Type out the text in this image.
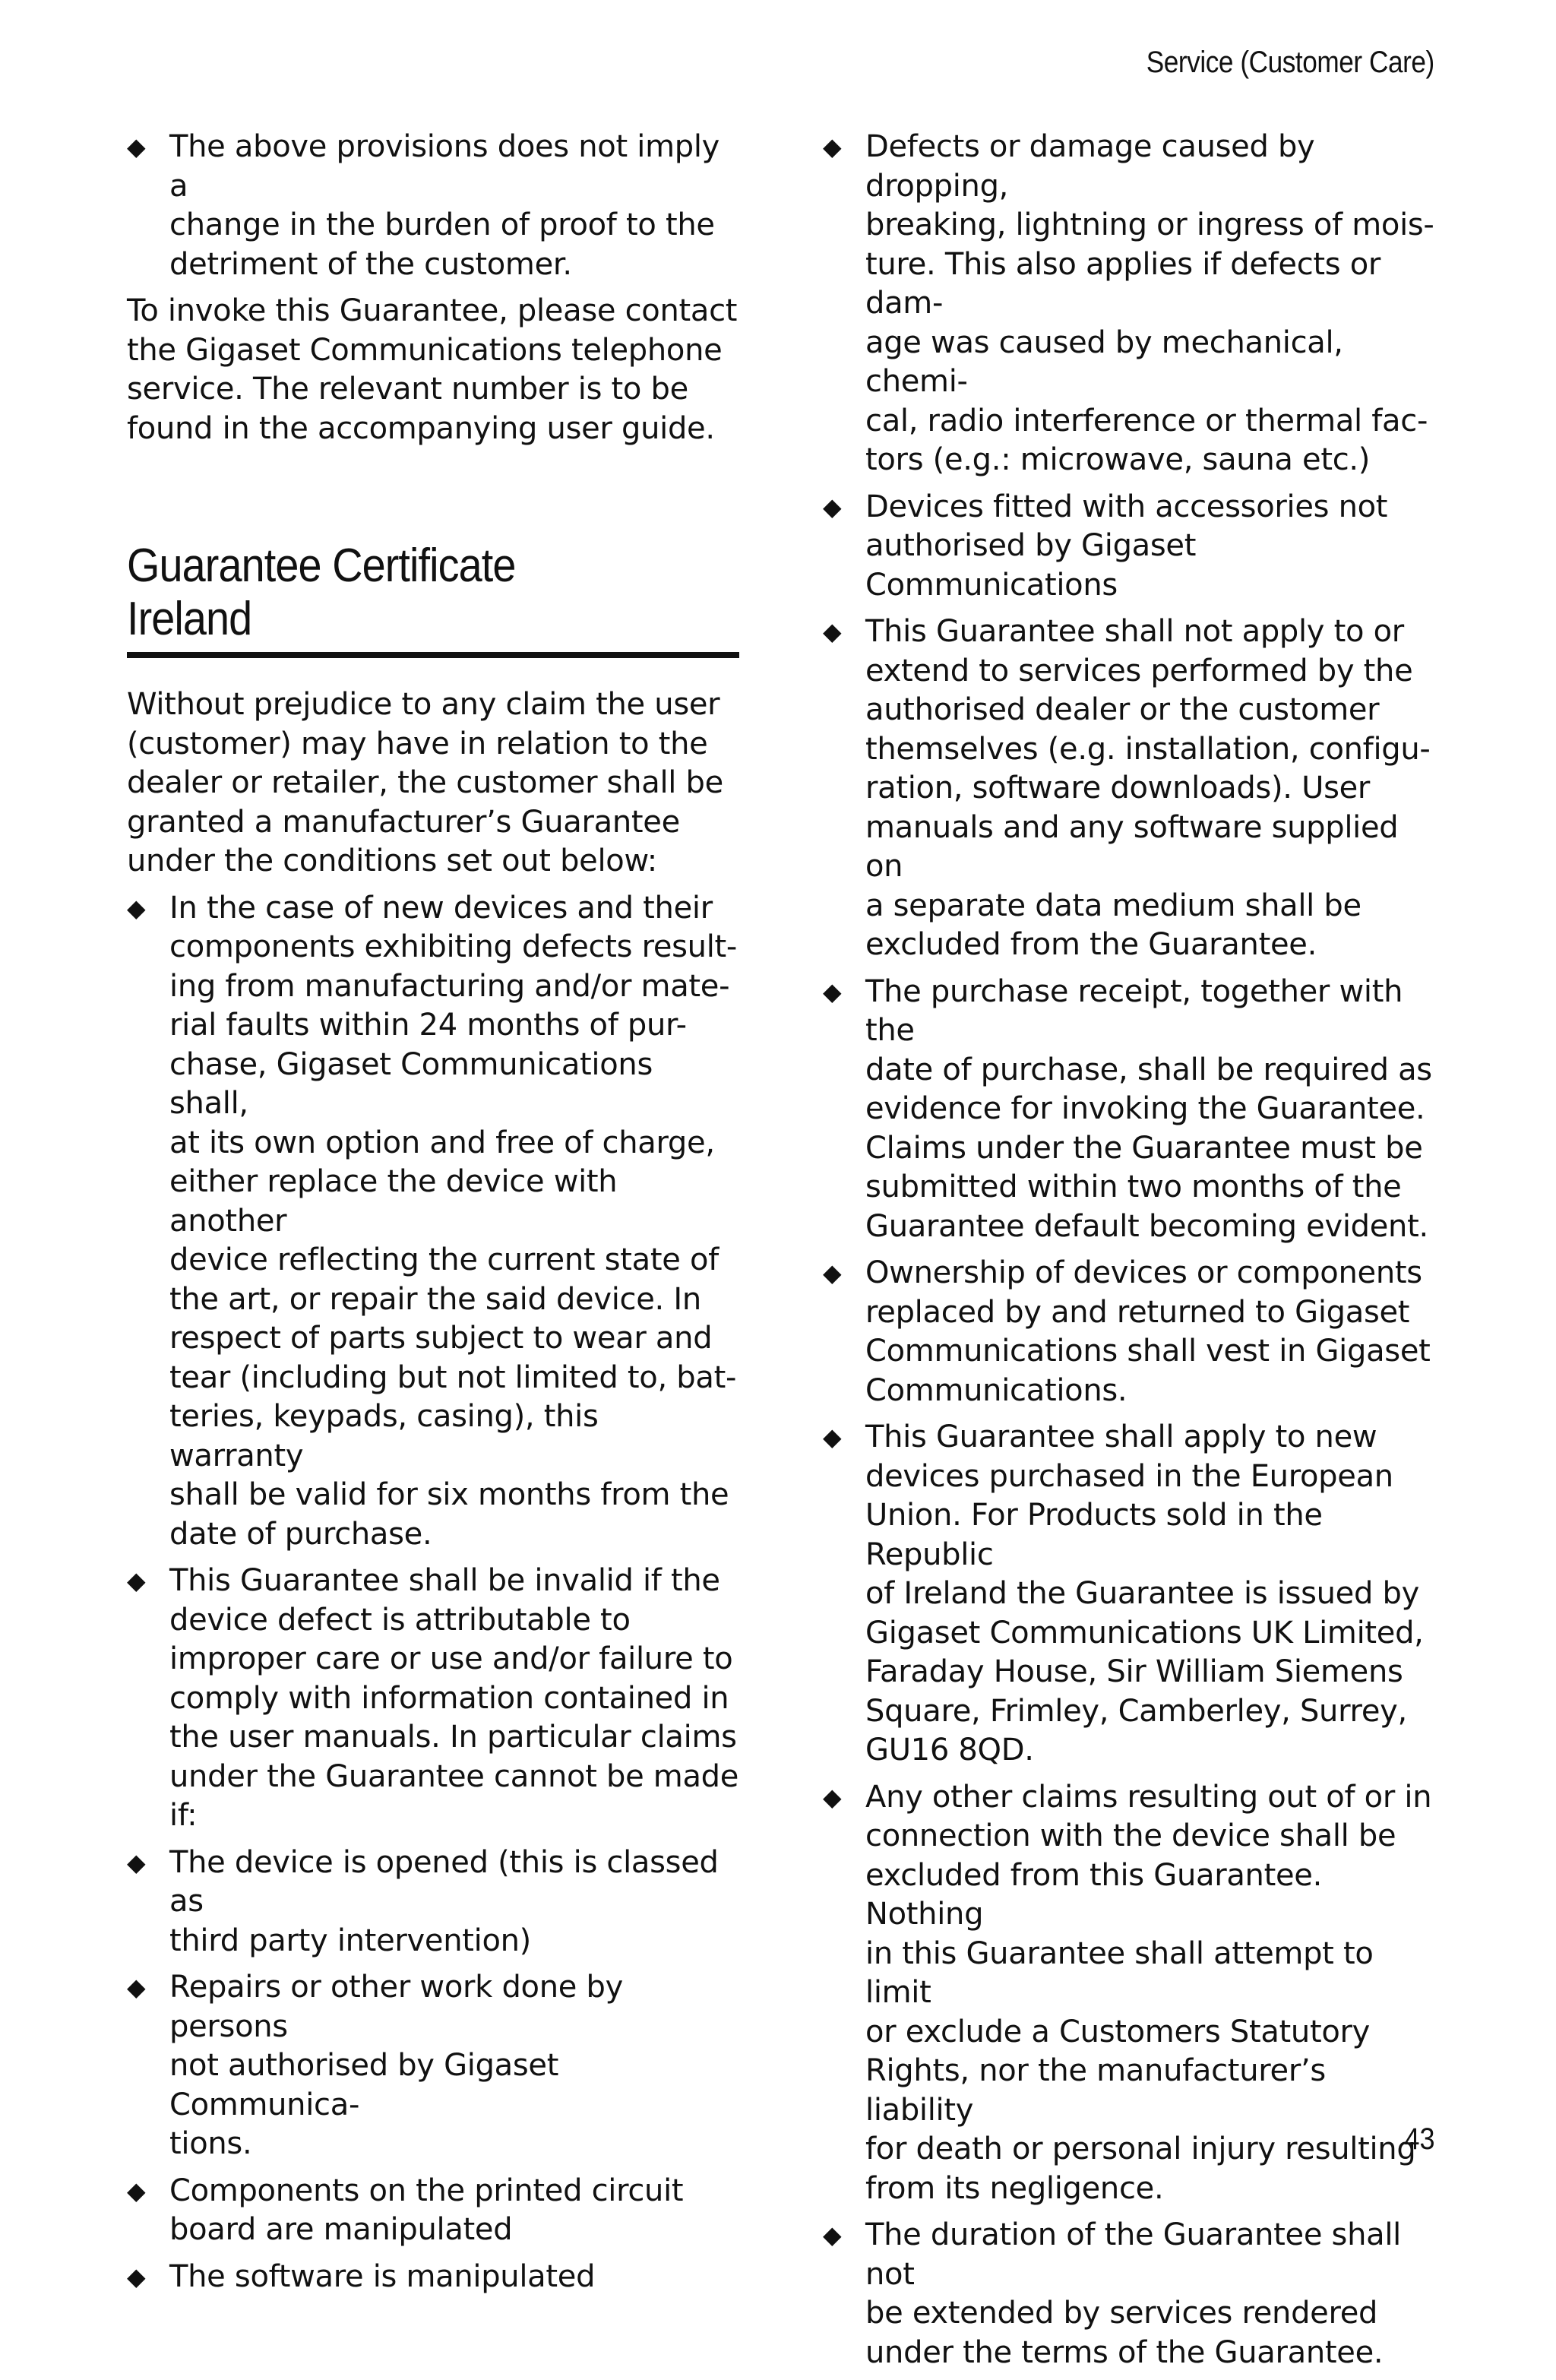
Service (Customer Care)
◆ The above provisions does not imply a
change in the burden of proof to the
detriment of the customer.
To invoke this Guarantee, please contact
the Gigaset Communications telephone
service. The relevant number is to be
found in the accompanying user guide.
Guarantee Certificate
Ireland
Without prejudice to any claim the user
(customer) may have in relation to the
dealer or retailer, the customer shall be
granted a manufacturer’s Guarantee
under the conditions set out below:
◆ In the case of new devices and their
components exhibiting defects result-
ing from manufacturing and/or mate-
rial faults within 24 months of pur-
chase, Gigaset Communications shall,
at its own option and free of charge,
either replace the device with another
device reflecting the current state of
the art, or repair the said device. In
respect of parts subject to wear and
tear (including but not limited to, bat-
teries, keypads, casing), this warranty
shall be valid for six months from the
date of purchase.
◆ This Guarantee shall be invalid if the
device defect is attributable to
improper care or use and/or failure to
comply with information contained in
the user manuals. In particular claims
under the Guarantee cannot be made
if:
◆ The device is opened (this is classed as
third party intervention)
◆ Repairs or other work done by persons
not authorised by Gigaset Communica-
tions.
◆ Components on the printed circuit
board are manipulated
◆ The software is manipulated
◆ Defects or damage caused by dropping,
breaking, lightning or ingress of mois-
ture. This also applies if defects or dam-
age was caused by mechanical, chemi-
cal, radio interference or thermal fac-
tors (e.g.: microwave, sauna etc.)
◆ Devices fitted with accessories not
authorised by Gigaset Communications
◆ This Guarantee shall not apply to or
extend to services performed by the
authorised dealer or the customer
themselves (e.g. installation, configu-
ration, software downloads). User
manuals and any software supplied on
a separate data medium shall be
excluded from the Guarantee.
◆ The purchase receipt, together with the
date of purchase, shall be required as
evidence for invoking the Guarantee.
Claims under the Guarantee must be
submitted within two months of the
Guarantee default becoming evident.
◆ Ownership of devices or components
replaced by and returned to Gigaset
Communications shall vest in Gigaset
Communications.
◆ This Guarantee shall apply to new
devices purchased in the European
Union. For Products sold in the Republic
of Ireland the Guarantee is issued by
Gigaset Communications UK Limited,
Faraday House, Sir William Siemens
Square, Frimley, Camberley, Surrey,
GU16 8QD.
◆ Any other claims resulting out of or in
connection with the device shall be
excluded from this Guarantee. Nothing
in this Guarantee shall attempt to limit
or exclude a Customers Statutory
Rights, nor the manufacturer’s liability
for death or personal injury resulting
from its negligence.
◆ The duration of the Guarantee shall not
be extended by services rendered
under the terms of the Guarantee.
43
